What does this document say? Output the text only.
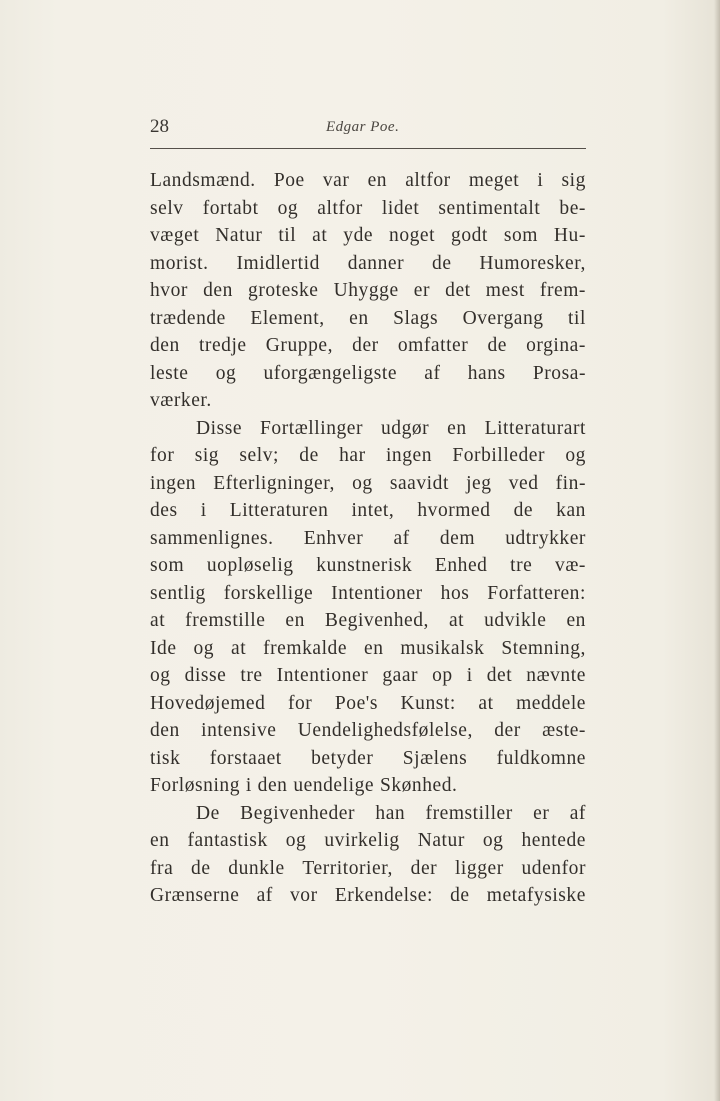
28	Edgar Poe.
Landsmænd. Poe var en altfor meget i sig
selv fortabt og altfor lidet sentimentalt be-
væget Natur til at yde noget godt som Hu-
morist. Imidlertid danner de Humoresker,
hvor den groteske Uhygge er det mest frem-
trædende Element, en Slags Overgang til
den tredje Gruppe, der omfatter de orgina-
leste og uforgængeligste af hans Prosa-
værker.
Disse Fortællinger udgør en Litteraturart
for sig selv; de har ingen Forbilleder og
ingen Efterligninger, og saavidt jeg ved fin-
des i Litteraturen intet, hvormed de kan
sammenlignes. Enhver af dem udtrykker
som uopløselig kunstnerisk Enhed tre væ-
sentlig forskellige Intentioner hos Forfatteren:
at fremstille en Begivenhed, at udvikle en
Ide og at fremkalde en musikalsk Stemning,
og disse tre Intentioner gaar op i det nævnte
Hovedøjemed for Poe's Kunst: at meddele
den intensive Uendelighedsfølelse, der æste-
tisk forstaaet betyder Sjælens fuldkomne
Forløsning i den uendelige Skønhed.
De Begivenheder han fremstiller er af
en fantastisk og uvirkelig Natur og hentede
fra de dunkle Territorier, der ligger udenfor
Grænserne af vor Erkendelse: de metafysiske
